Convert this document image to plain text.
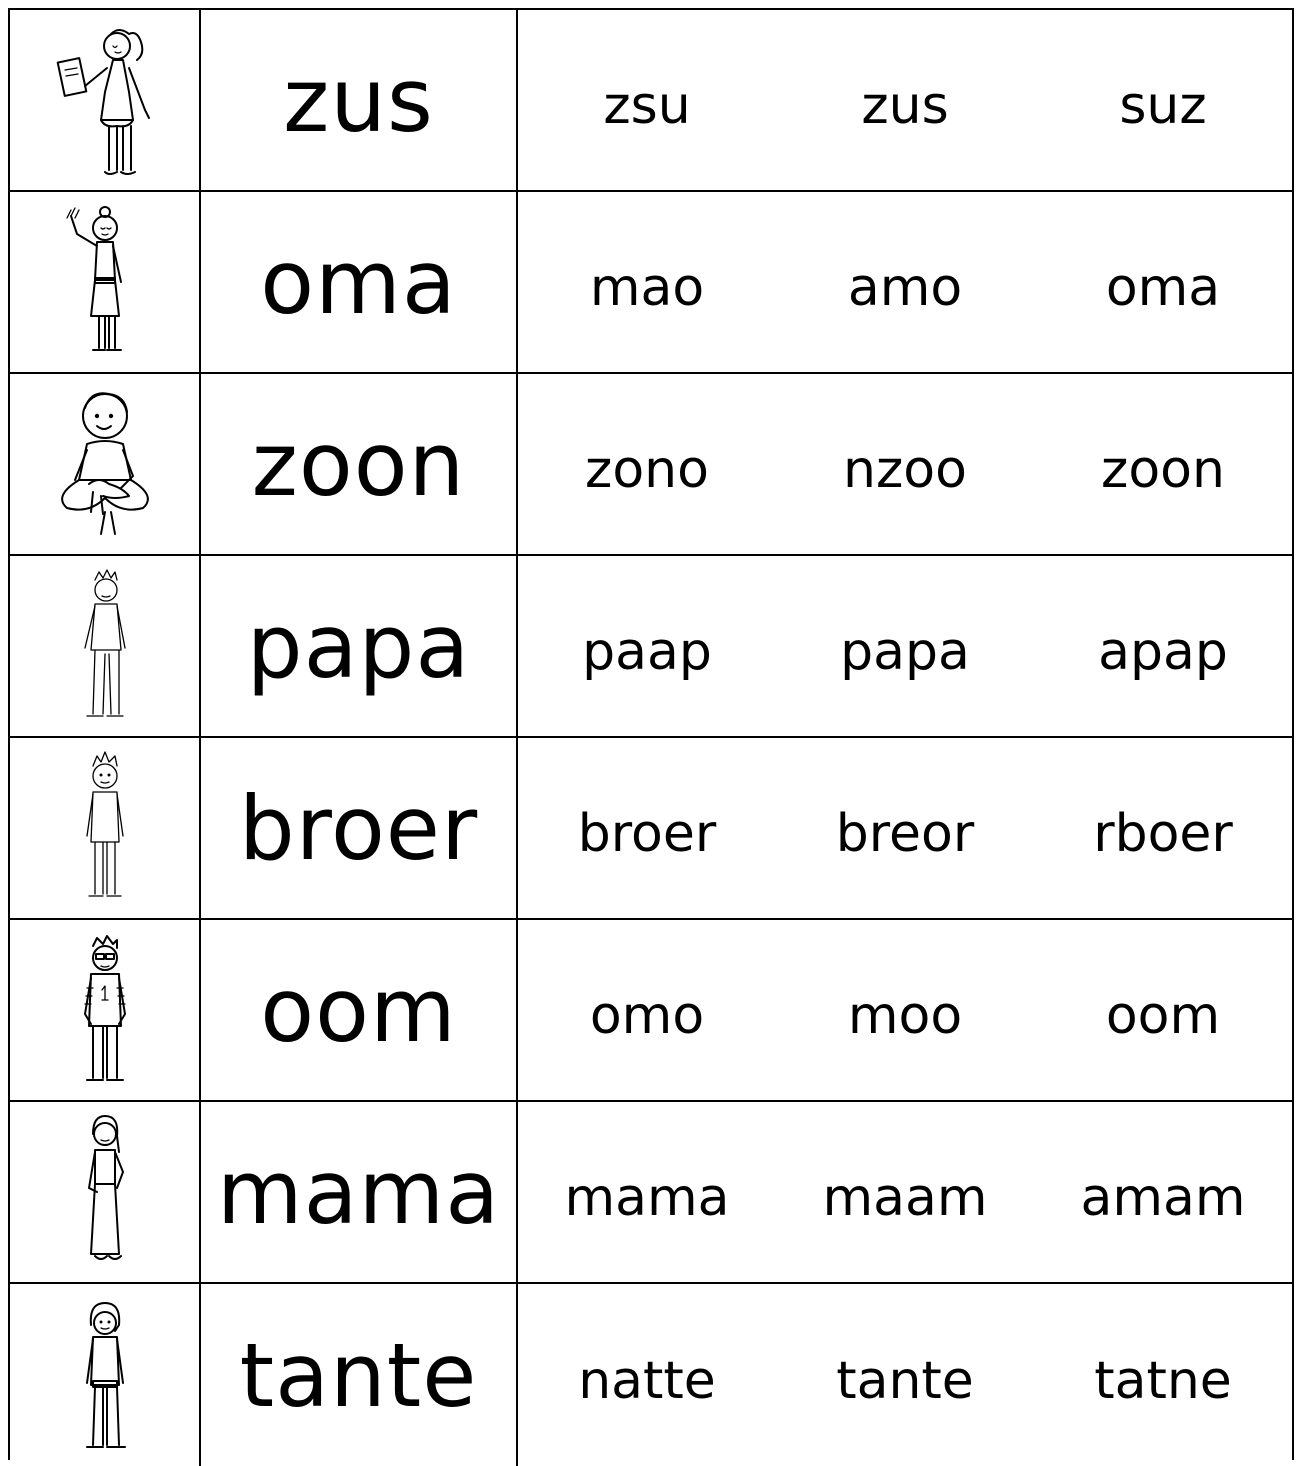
zus	zsu	zus	suz
oma	mao	amo	oma
zoon	zono	nzoo	zoon
papa	paap	papa	apap
broer	broer	breor	rboer
oom	omo	moo	oom
mama	mama	maam	amam
tante	natte	tante	tatne
